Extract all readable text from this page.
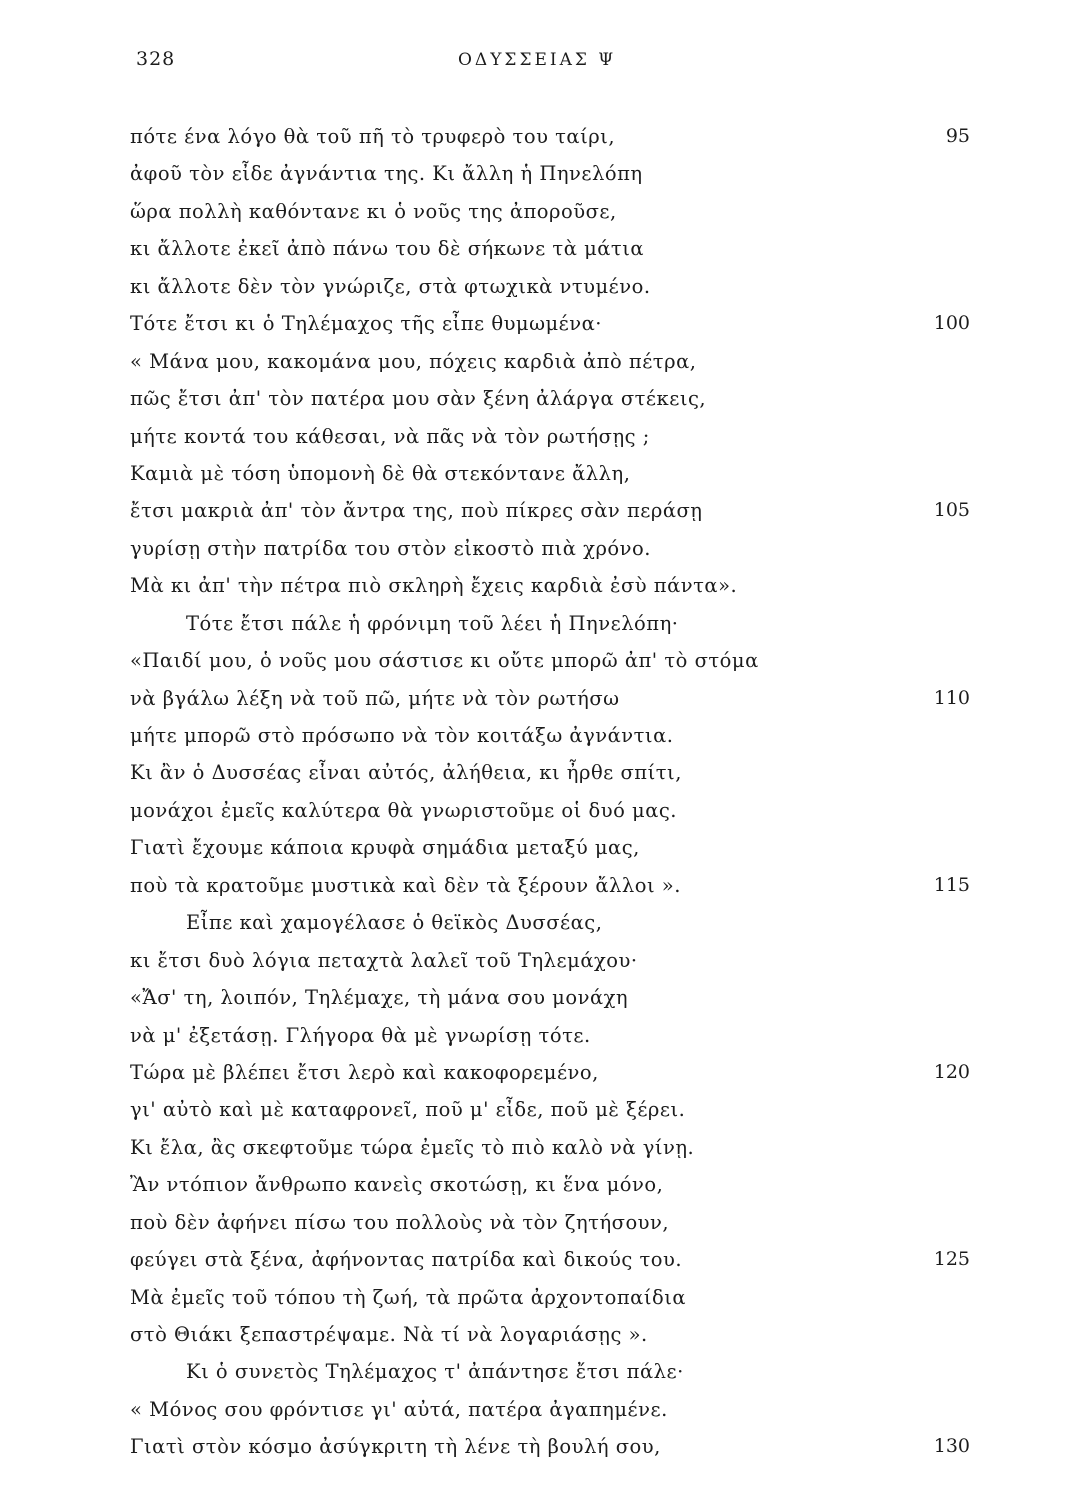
328	ΟΔΥΣΣΕΙΑΣ Ψ
πότε ένα λόγο θὰ τοῦ πῆ τὸ τρυφερὸ του ταίρι,	95
ἀφοῦ τὸν εἶδε ἀγνάντια της. Κι ἄλλη ἡ Πηνελόπη
ὥρα πολλὴ καθόντανε κι ὁ νοῦς της ἀποροῦσε,
κι ἄλλοτε ἐκεῖ ἀπὸ πάνω του δὲ σήκωνε τὰ μάτια
κι ἄλλοτε δὲν τὸν γνώριζε, στὰ φτωχικὰ ντυμένο.
Τότε ἔτσι κι ὁ Τηλέμαχος τῆς εἶπε θυμωμένα·	100
« Μάνα μου, κακομάνα μου, πόχεις καρδιὰ ἀπὸ πέτρα,
πῶς ἔτσι ἀπ' τὸν πατέρα μου σὰν ξένη ἀλάργα στέκεις,
μήτε κοντά του κάθεσαι, νὰ πᾶς νὰ τὸν ρωτήσῃς ;
Καμιὰ μὲ τόση ὑπομονὴ δὲ θὰ στεκόντανε ἄλλη,
ἔτσι μακριὰ ἀπ' τὸν ἄντρα της, ποὺ πίκρες σὰν περάσῃ	105
γυρίσῃ στὴν πατρίδα του στὸν εἰκοστὸ πιὰ χρόνο.
Μὰ κι ἀπ' τὴν πέτρα πιὸ σκληρὴ ἔχεις καρδιὰ ἐσὺ πάντα».
Τότε ἔτσι πάλε ἡ φρόνιμη τοῦ λέει ἡ Πηνελόπη·
«Παιδί μου, ὁ νοῦς μου σάστισε κι οὔτε μπορῶ ἀπ' τὸ στόμα
νὰ βγάλω λέξη νὰ τοῦ πῶ, μήτε νὰ τὸν ρωτήσω	110
μήτε μπορῶ στὸ πρόσωπο νὰ τὸν κοιτάξω ἀγνάντια.
Κι ἂν ὁ Δυσσέας εἶναι αὐτός, ἀλήθεια, κι ἦρθε σπίτι,
μονάχοι ἐμεῖς καλύτερα θὰ γνωριστοῦμε οἱ δυό μας.
Γιατὶ ἔχουμε κάποια κρυφὰ σημάδια μεταξύ μας,
ποὺ τὰ κρατοῦμε μυστικὰ καὶ δὲν τὰ ξέρουν ἄλλοι ».	115
Εἶπε καὶ χαμογέλασε ὁ θεϊκὸς Δυσσέας,
κι ἔτσι δυὸ λόγια πεταχτὰ λαλεῖ τοῦ Τηλεμάχου·
«Ἄσ' τη, λοιπόν, Τηλέμαχε, τὴ μάνα σου μονάχη
νὰ μ' ἐξετάσῃ. Γλήγορα θὰ μὲ γνωρίσῃ τότε.
Τώρα μὲ βλέπει ἔτσι λερὸ καὶ κακοφορεμένο,	120
γι' αὐτὸ καὶ μὲ καταφρονεῖ, ποῦ μ' εἶδε, ποῦ μὲ ξέρει.
Κι ἔλα, ἂς σκεφτοῦμε τώρα ἐμεῖς τὸ πιὸ καλὸ νὰ γίνῃ.
Ἂν ντόπιον ἄνθρωπο κανεὶς σκοτώσῃ, κι ἕνα μόνο,
ποὺ δὲν ἀφήνει πίσω του πολλοὺς νὰ τὸν ζητήσουν,
φεύγει στὰ ξένα, ἀφήνοντας πατρίδα καὶ δικούς του.	125
Μὰ ἐμεῖς τοῦ τόπου τὴ ζωή, τὰ πρῶτα ἀρχοντοπαίδια
στὸ Θιάκι ξεπαστρέψαμε. Νὰ τί νὰ λογαριάσῃς ».
Κι ὁ συνετὸς Τηλέμαχος τ' ἀπάντησε ἔτσι πάλε·
« Μόνος σου φρόντισε γι' αὐτά, πατέρα ἀγαπημένε.
Γιατὶ στὸν κόσμο ἀσύγκριτη τὴ λένε τὴ βουλή σου,	130
